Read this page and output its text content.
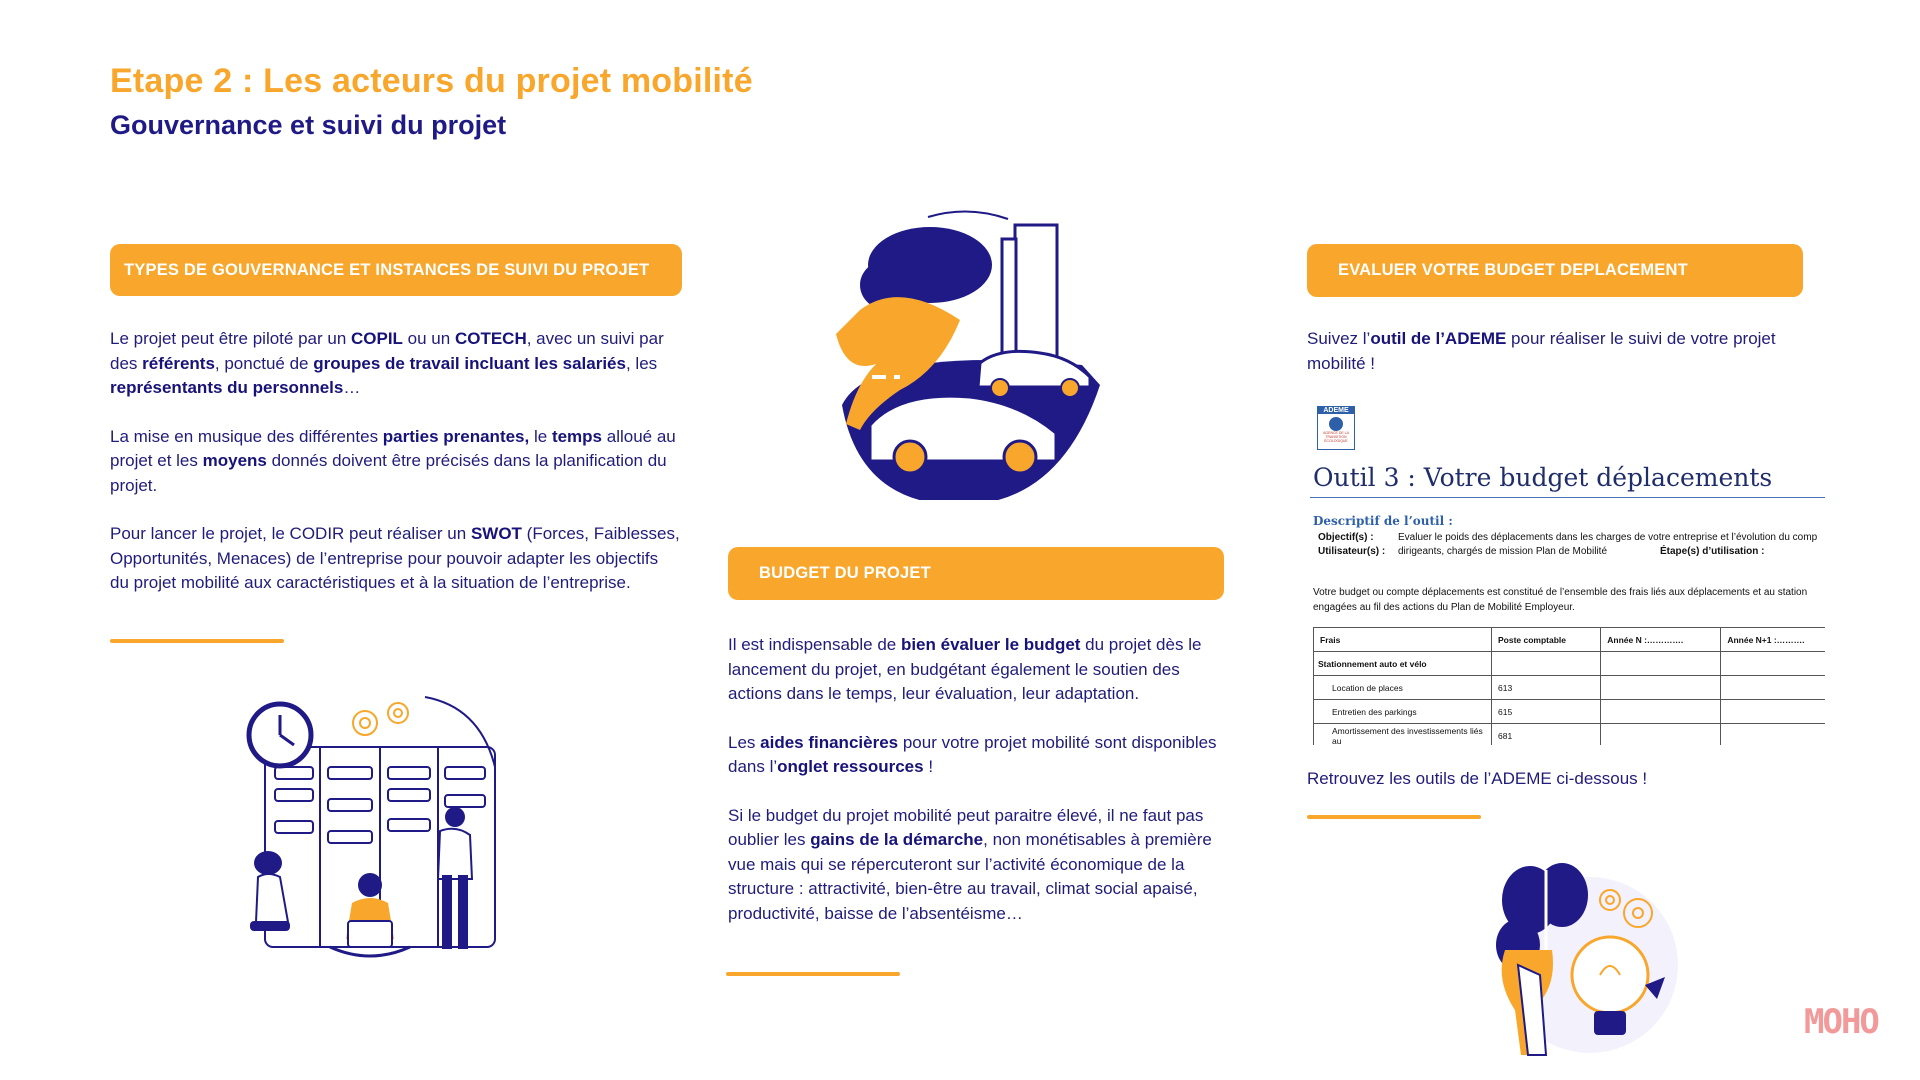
Etape 2 : Les acteurs du projet mobilité
Gouvernance et suivi du projet
TYPES DE GOUVERNANCE ET INSTANCES DE SUIVI DU PROJET

Le projet peut être piloté par un COPIL ou un COTECH, avec un suivi par des référents, ponctué de groupes de travail incluant les salariés, les représentants du personnels…

La mise en musique des différentes parties prenantes, le temps alloué au projet et les moyens donnés doivent être précisés dans la planification du projet.

Pour lancer le projet, le CODIR peut réaliser un SWOT (Forces, Faiblesses, Opportunités, Menaces) de l’entreprise pour pouvoir adapter les objectifs du projet mobilité aux caractéristiques et à la situation de l’entreprise.	BUDGET DU PROJET

Il est indispensable de bien évaluer le budget du projet dès le lancement du projet, en budgétant également le soutien des actions dans le temps, leur évaluation, leur adaptation.

Les aides financières pour votre projet mobilité sont disponibles dans l’onglet ressources !

Si le budget du projet mobilité peut paraitre élevé, il ne faut pas oublier les gains de la démarche, non monétisables à première vue mais qui se répercuteront sur l’activité économique de la structure : attractivité, bien-être au travail, climat social apaisé, productivité, baisse de l’absentéisme…

EVALUER VOTRE BUDGET DEPLACEMENT

Suivez l’outil de l’ADEME pour réaliser le suivi de votre projet mobilité !

ADEME
AGENCE DE LA TRANSITION ÉCOLOGIQUE
Outil 3 : Votre budget déplacements
Descriptif de l’outil :
Objectif(s) : Evaluer le poids des déplacements dans les charges de votre entreprise et l’évolution du comp
Utilisateur(s) : dirigeants, chargés de mission Plan de Mobilité	Étape(s) d’utilisation :
Votre budget ou compte déplacements est constitué de l’ensemble des frais liés aux déplacements et au station engagées au fil des actions du Plan de Mobilité Employeur.
Frais	Poste comptable	Année N :………….	Année N+1 :……….
Stationnement auto et vélo			
Location de places	613		
Entretien des parkings	615		
Amortissement des investissements liés au	681		
Retrouvez les outils de l’ADEME ci-dessous !
MOHO
